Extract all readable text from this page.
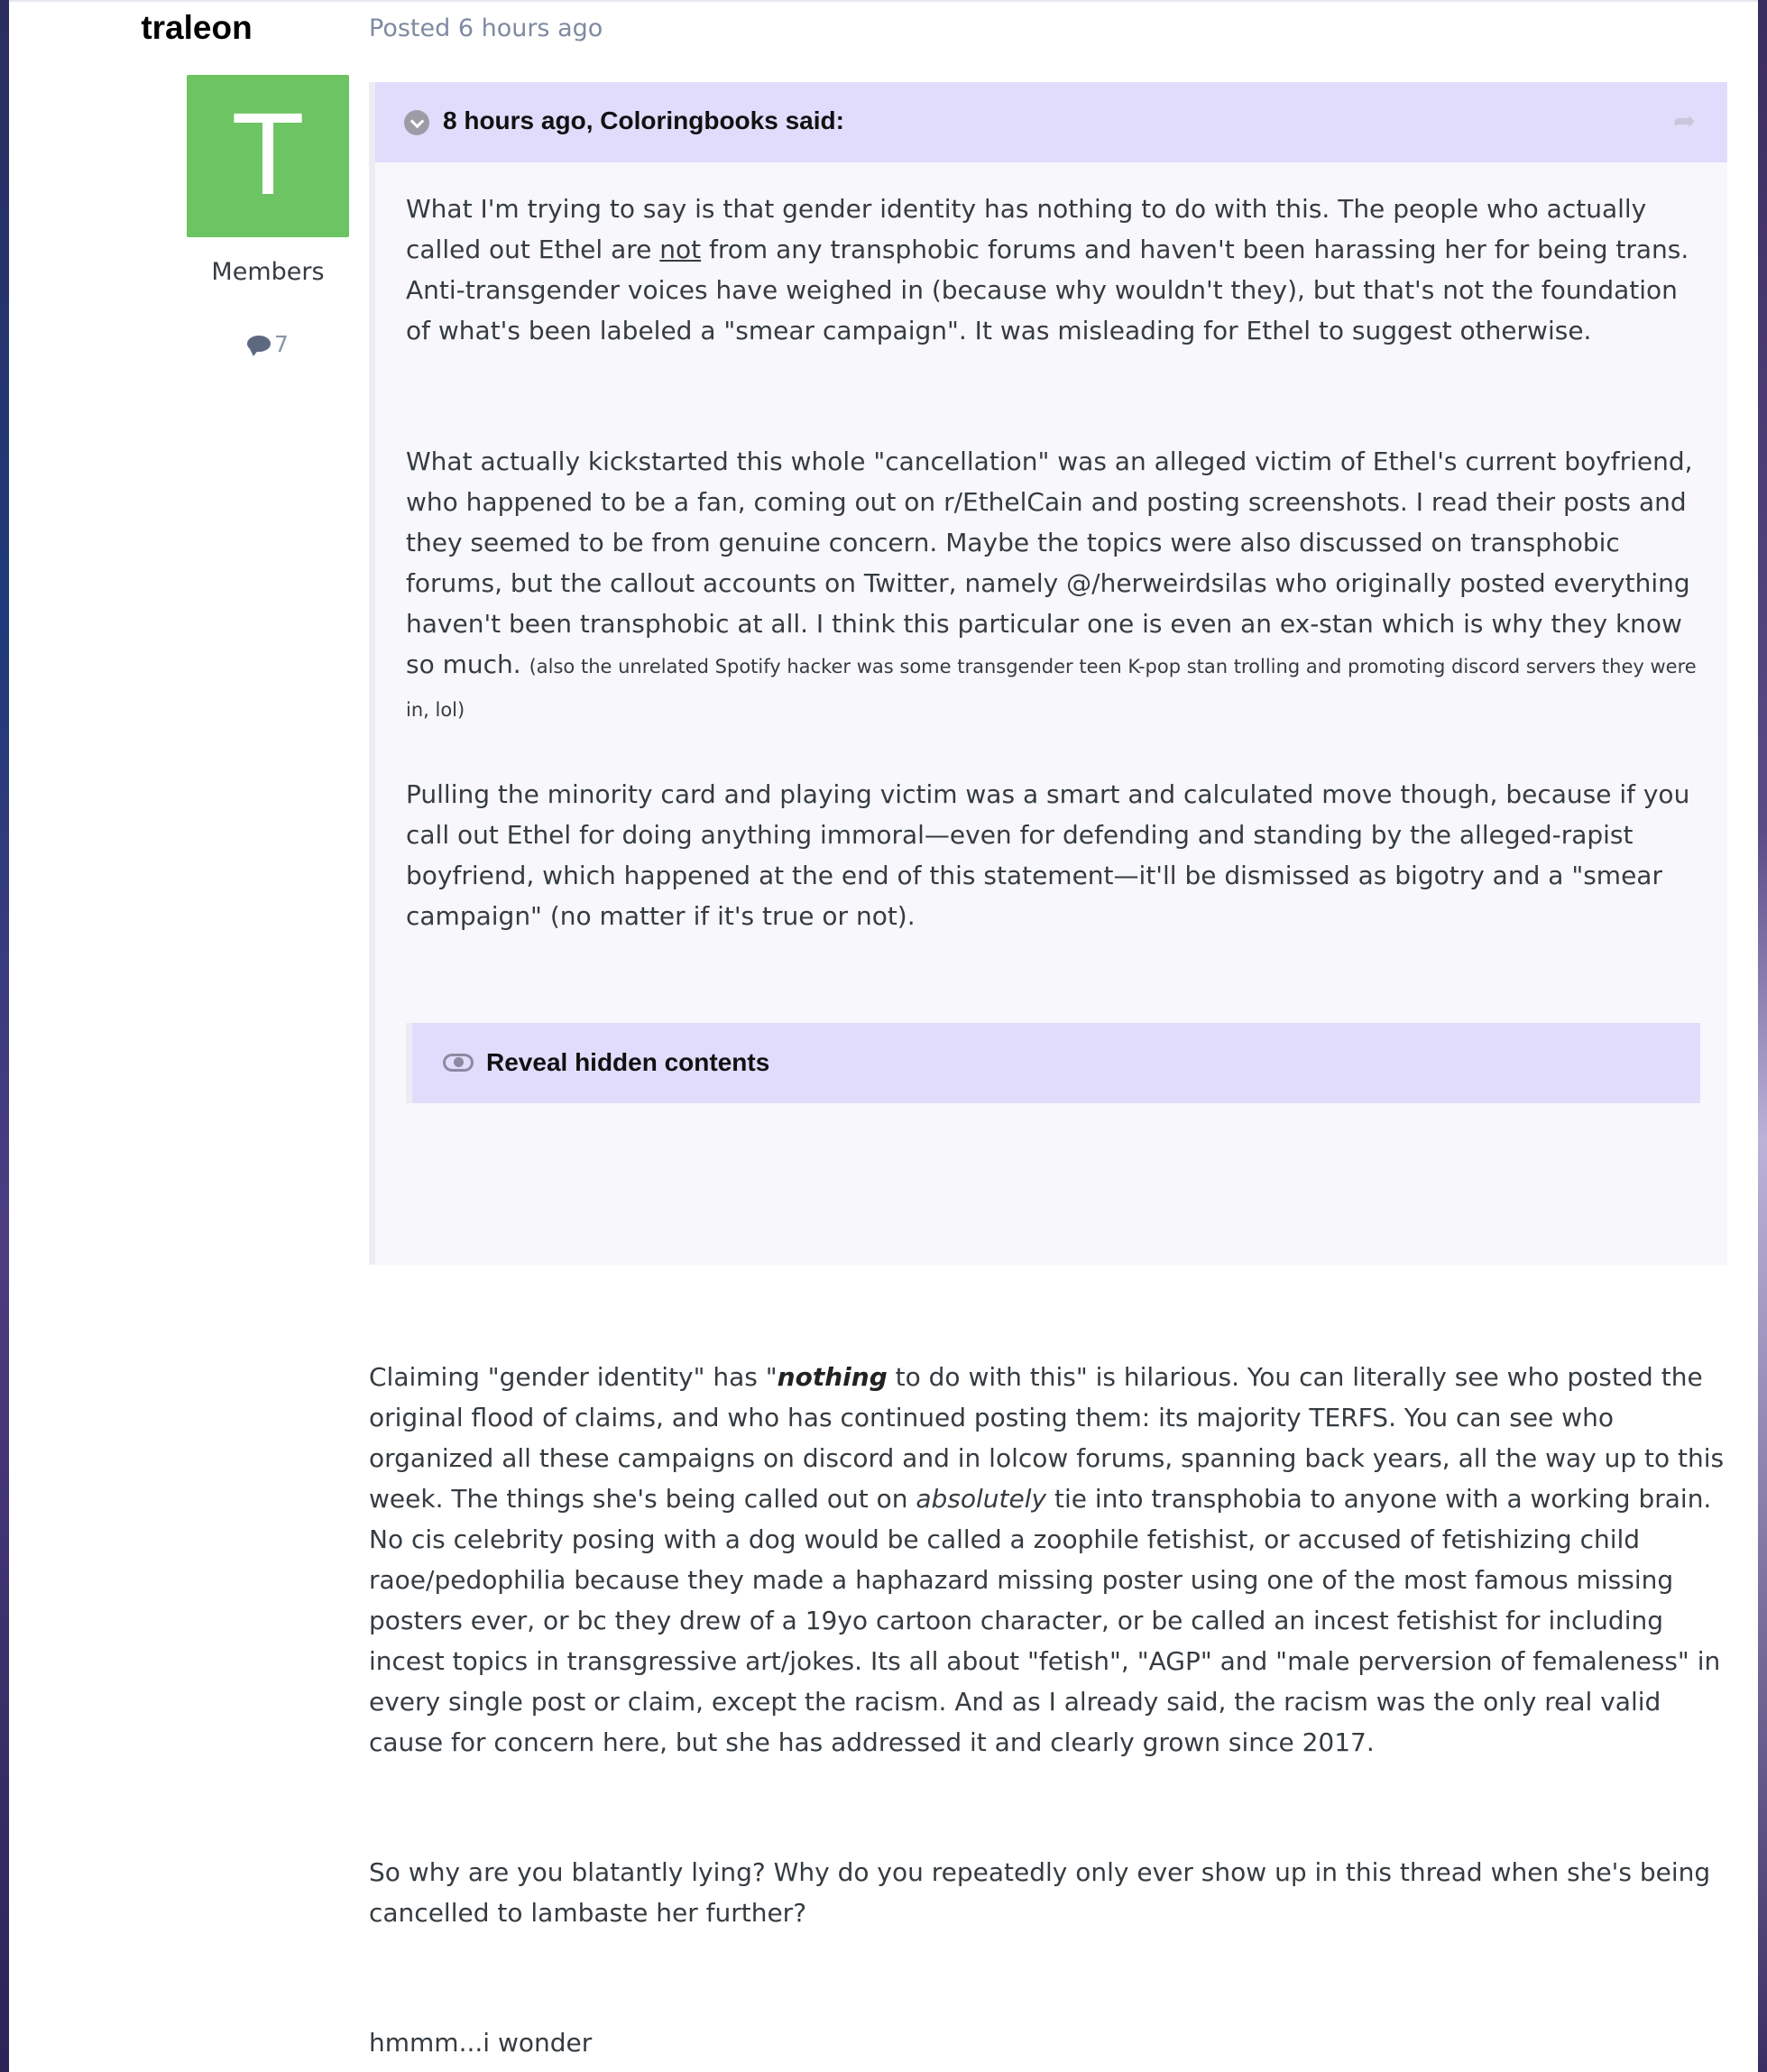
traleon
T
Members
7
Posted 6 hours ago
8 hours ago, Coloringbooks said:	➦
What I'm trying to say is that gender identity has nothing to do with this. The people who actually called out Ethel are not from any transphobic forums and haven't been harassing her for being trans. Anti-transgender voices have weighed in (because why wouldn't they), but that's not the foundation of what's been labeled a "smear campaign". It was misleading for Ethel to suggest otherwise.
What actually kickstarted this whole "cancellation" was an alleged victim of Ethel's current boyfriend, who happened to be a fan, coming out on r/EthelCain and posting screenshots. I read their posts and they seemed to be from genuine concern. Maybe the topics were also discussed on transphobic forums, but the callout accounts on Twitter, namely @/herweirdsilas who originally posted everything haven't been transphobic at all. I think this particular one is even an ex-stan which is why they know so much. (also the unrelated Spotify hacker was some transgender teen K-pop stan trolling and promoting discord servers they were in, lol)
Pulling the minority card and playing victim was a smart and calculated move though, because if you call out Ethel for doing anything immoral—even for defending and standing by the alleged-rapist boyfriend, which happened at the end of this statement—it'll be dismissed as bigotry and a "smear campaign" (no matter if it's true or not).
Reveal hidden contents
Claiming "gender identity" has "nothing to do with this" is hilarious. You can literally see who posted the original flood of claims, and who has continued posting them: its majority TERFS. You can see who organized all these campaigns on discord and in lolcow forums, spanning back years, all the way up to this week. The things she's being called out on absolutely tie into transphobia to anyone with a working brain. No cis celebrity posing with a dog would be called a zoophile fetishist, or accused of fetishizing child raoe/pedophilia because they made a haphazard missing poster using one of the most famous missing posters ever, or bc they drew of a 19yo cartoon character, or be called an incest fetishist for including incest topics in transgressive art/jokes. Its all about "fetish", "AGP" and "male perversion of femaleness" in every single post or claim, except the racism. And as I already said, the racism was the only real valid cause for concern here, but she has addressed it and clearly grown since 2017.
So why are you blatantly lying? Why do you repeatedly only ever show up in this thread when she's being cancelled to lambaste her further?
hmmm...i wonder
